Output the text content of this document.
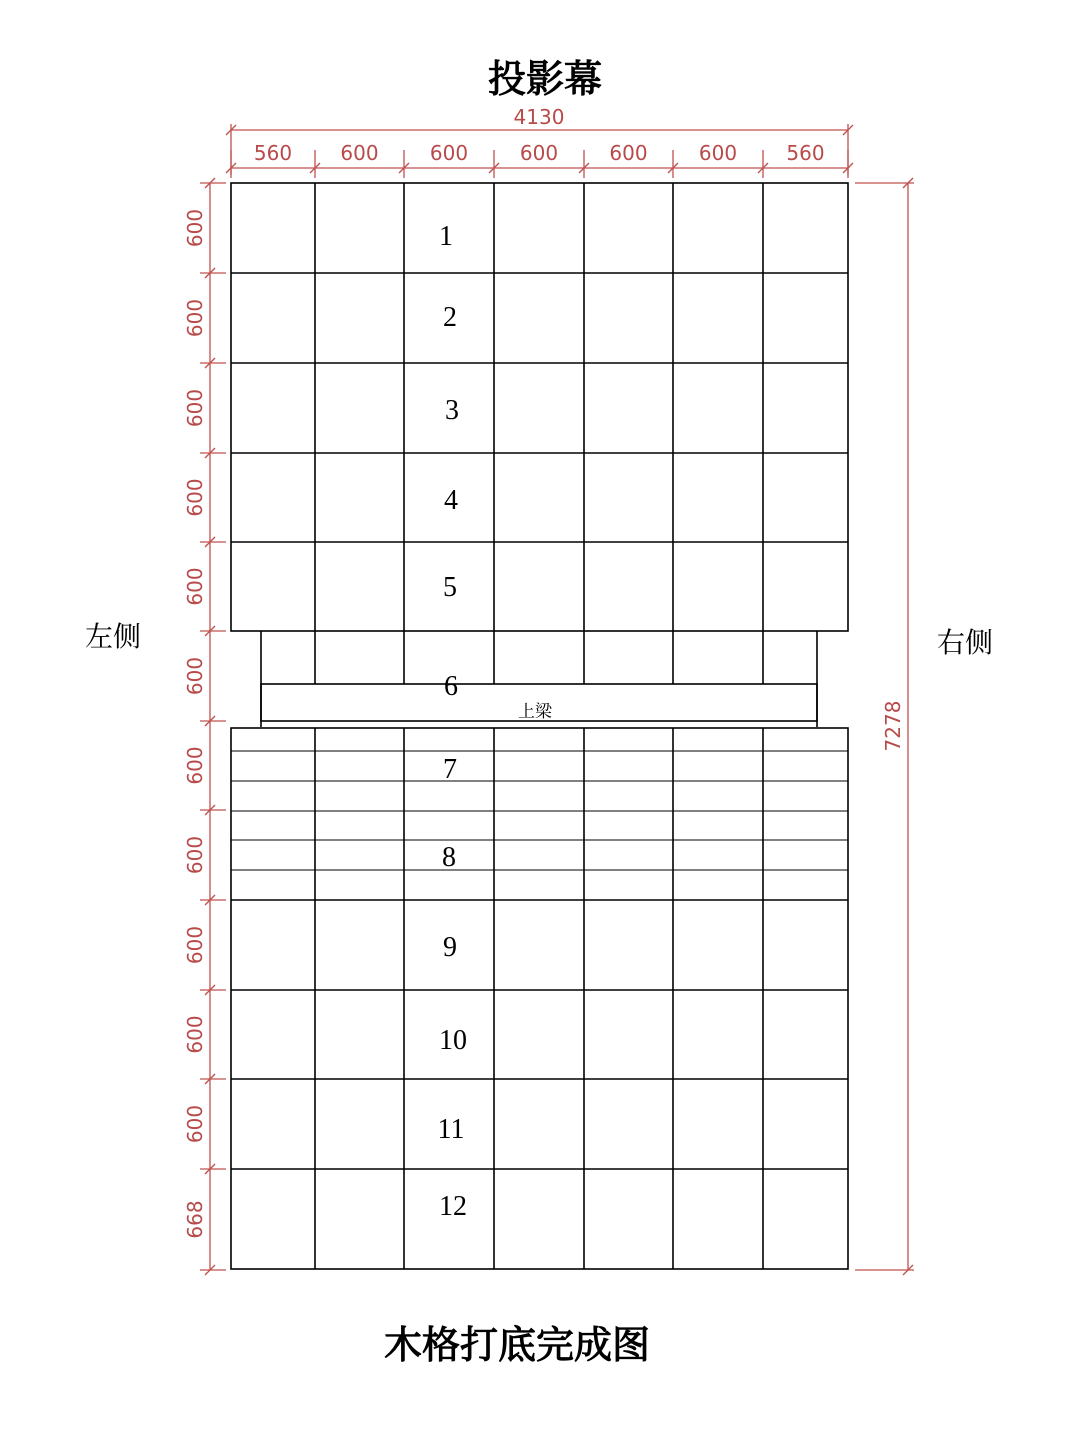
投影幕
左侧	右侧
木格打底完成图
4130
560 600	600	600	600	600 560
600
600
600
600
600
600
600
600
600
600
600
668
7278
上梁
1
2
3
4
5
6
7
8
9
10
11
12
